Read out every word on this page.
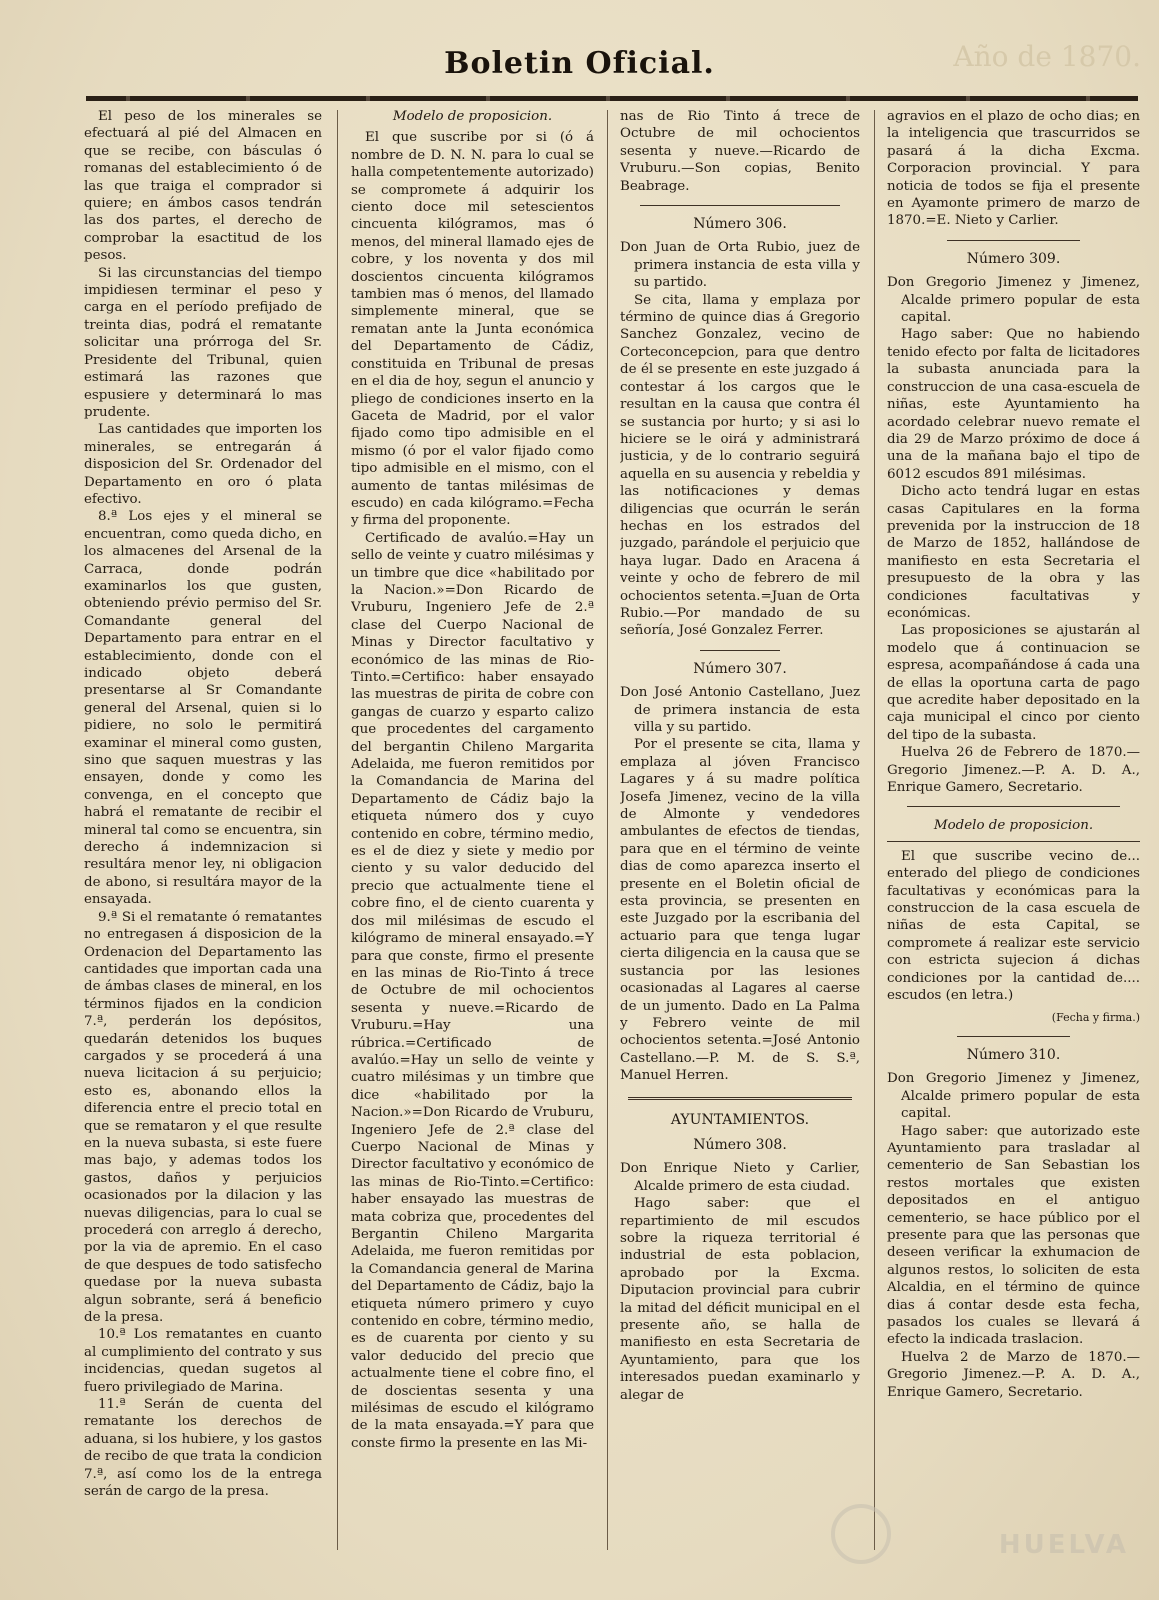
Año de 1870.
Boletin Oficial.

El peso de los minerales se efectuará al pié del Almacen en que se recibe, con básculas ó romanas del establecimiento ó de las que traiga el comprador si quiere; en ámbos casos tendrán las dos partes, el derecho de comprobar la esactitud de los pesos.

Si las circunstancias del tiempo impidiesen terminar el peso y carga en el período prefijado de treinta dias, podrá el rematante solicitar una prórroga del Sr. Presidente del Tribunal, quien estimará las razones que espusiere y determinará lo mas prudente.

Las cantidades que importen los minerales, se entregarán á disposicion del Sr. Ordenador del Departamento en oro ó plata efectivo.

8.ª Los ejes y el mineral se encuentran, como queda dicho, en los almacenes del Arsenal de la Carraca, donde podrán examinarlos los que gusten, obteniendo prévio permiso del Sr. Comandante general del Departamento para entrar en el establecimiento, donde con el indicado objeto deberá presentarse al Sr Comandante general del Arsenal, quien si lo pidiere, no solo le permitirá examinar el mineral como gusten, sino que saquen muestras y las ensayen, donde y como les convenga, en el concepto que habrá el rematante de recibir el mineral tal como se encuentra, sin derecho á indemnizacion si resultára menor ley, ni obligacion de abono, si resultára mayor de la ensayada.

9.ª Si el rematante ó rematantes no entregasen á disposicion de la Ordenacion del Departamento las cantidades que importan cada una de ámbas clases de mineral, en los términos fijados en la condicion 7.ª, perderán los depósitos, quedarán detenidos los buques cargados y se procederá á una nueva licitacion á su perjuicio; esto es, abonando ellos la diferencia entre el precio total en que se remataron y el que resulte en la nueva subasta, si este fuere mas bajo, y ademas todos los gastos, daños y perjuicios ocasionados por la dilacion y las nuevas diligencias, para lo cual se procederá con arreglo á derecho, por la via de apremio. En el caso de que despues de todo satisfecho quedase por la nueva subasta algun sobrante, será á beneficio de la presa.

10.ª Los rematantes en cuanto al cumplimiento del contrato y sus incidencias, quedan sugetos al fuero privilegiado de Marina.

11.ª Serán de cuenta del rematante los derechos de aduana, si los hubiere, y los gastos de recibo de que trata la condicion 7.ª, así como los de la entrega serán de cargo de la presa.

Modelo de proposicion.

El que suscribe por si (ó á nombre de D. N. N. para lo cual se halla competentemente autorizado) se compromete á adquirir los ciento doce mil setescientos cincuenta kilógramos, mas ó menos, del mineral llamado ejes de cobre, y los noventa y dos mil doscientos cincuenta kilógramos tambien mas ó menos, del llamado simplemente mineral, que se rematan ante la Junta económica del Departamento de Cádiz, constituida en Tribunal de presas en el dia de hoy, segun el anuncio y pliego de condiciones inserto en la Gaceta de Madrid, por el valor fijado como tipo admisible en el mismo (ó por el valor fijado como tipo admisible en el mismo, con el aumento de tantas milésimas de escudo) en cada kilógramo.=Fecha y firma del proponente.

Certificado de avalúo.=Hay un sello de veinte y cuatro milésimas y un timbre que dice «habilitado por la Nacion.»=Don Ricardo de Vruburu, Ingeniero Jefe de 2.ª clase del Cuerpo Nacional de Minas y Director facultativo y económico de las minas de Rio-Tinto.=Certifico: haber ensayado las muestras de pirita de cobre con gangas de cuarzo y esparto calizo que procedentes del cargamento del bergantin Chileno Margarita Adelaida, me fueron remitidos por la Comandancia de Marina del Departamento de Cádiz bajo la etiqueta número dos y cuyo contenido en cobre, término medio, es el de diez y siete y medio por ciento y su valor deducido del precio que actualmente tiene el cobre fino, el de ciento cuarenta y dos mil milésimas de escudo el kilógramo de mineral ensayado.=Y para que conste, firmo el presente en las minas de Rio-Tinto á trece de Octubre de mil ochocientos sesenta y nueve.=Ricardo de Vruburu.=Hay una rúbrica.=Certificado de avalúo.=Hay un sello de veinte y cuatro milésimas y un timbre que dice «habilitado por la Nacion.»=Don Ricardo de Vruburu, Ingeniero Jefe de 2.ª clase del Cuerpo Nacional de Minas y Director facultativo y económico de las minas de Rio-Tinto.=Certifico: haber ensayado las muestras de mata cobriza que, procedentes del Bergantin Chileno Margarita Adelaida, me fueron remitidas por la Comandancia general de Marina del Departamento de Cádiz, bajo la etiqueta número primero y cuyo contenido en cobre, término medio, es de cuarenta por ciento y su valor deducido del precio que actualmente tiene el cobre fino, el de doscientas sesenta y una milésimas de escudo el kilógramo de la mata ensayada.=Y para que conste firmo la presente en las Mi-

nas de Rio Tinto á trece de Octubre de mil ochocientos sesenta y nueve.—Ricardo de Vruburu.—Son copias, Benito Beabrage.

Número 306.

Don Juan de Orta Rubio, juez de primera instancia de esta villa y su partido.

Se cita, llama y emplaza por término de quince dias á Gregorio Sanchez Gonzalez, vecino de Corteconcepcion, para que dentro de él se presente en este juzgado á contestar á los cargos que le resultan en la causa que contra él se sustancia por hurto; y si asi lo hiciere se le oirá y administrará justicia, y de lo contrario seguirá aquella en su ausencia y rebeldia y las notificaciones y demas diligencias que ocurrán le serán hechas en los estrados del juzgado, parándole el perjuicio que haya lugar. Dado en Aracena á veinte y ocho de febrero de mil ochocientos setenta.=Juan de Orta Rubio.—Por mandado de su señoría, José Gonzalez Ferrer.

Número 307.

Don José Antonio Castellano, Juez de primera instancia de esta villa y su partido.

Por el presente se cita, llama y emplaza al jóven Francisco Lagares y á su madre política Josefa Jimenez, vecino de la villa de Almonte y vendedores ambulantes de efectos de tiendas, para que en el término de veinte dias de como aparezca inserto el presente en el Boletin oficial de esta provincia, se presenten en este Juzgado por la escribania del actuario para que tenga lugar cierta diligencia en la causa que se sustancia por las lesiones ocasionadas al Lagares al caerse de un jumento. Dado en La Palma y Febrero veinte de mil ochocientos setenta.=José Antonio Castellano.—P. M. de S. S.ª, Manuel Herren.

AYUNTAMIENTOS.

Número 308.

Don Enrique Nieto y Carlier, Alcalde primero de esta ciudad.

Hago saber: que el repartimiento de mil escudos sobre la riqueza territorial é industrial de esta poblacion, aprobado por la Excma. Diputacion provincial para cubrir la mitad del déficit municipal en el presente año, se halla de manifiesto en esta Secretaria de Ayuntamiento, para que los interesados puedan examinarlo y alegar de

agravios en el plazo de ocho dias; en la inteligencia que trascurridos se pasará á la dicha Excma. Corporacion provincial. Y para noticia de todos se fija el presente en Ayamonte primero de marzo de 1870.=E. Nieto y Carlier.

Número 309.

Don Gregorio Jimenez y Jimenez, Alcalde primero popular de esta capital.

Hago saber: Que no habiendo tenido efecto por falta de licitadores la subasta anunciada para la construccion de una casa-escuela de niñas, este Ayuntamiento ha acordado celebrar nuevo remate el dia 29 de Marzo próximo de doce á una de la mañana bajo el tipo de 6012 escudos 891 milésimas.

Dicho acto tendrá lugar en estas casas Capitulares en la forma prevenida por la instruccion de 18 de Marzo de 1852, hallándose de manifiesto en esta Secretaria el presupuesto de la obra y las condiciones facultativas y económicas.

Las proposiciones se ajustarán al modelo que á continuacion se espresa, acompañándose á cada una de ellas la oportuna carta de pago que acredite haber depositado en la caja municipal el cinco por ciento del tipo de la subasta.

Huelva 26 de Febrero de 1870.—Gregorio Jimenez.—P. A. D. A., Enrique Gamero, Secretario.

Modelo de proposicion.

El que suscribe vecino de... enterado del pliego de condiciones facultativas y económicas para la construccion de la casa escuela de niñas de esta Capital, se compromete á realizar este servicio con estricta sujecion á dichas condiciones por la cantidad de.... escudos (en letra.)

(Fecha y firma.)

Número 310.

Don Gregorio Jimenez y Jimenez, Alcalde primero popular de esta capital.

Hago saber: que autorizado este Ayuntamiento para trasladar al cementerio de San Sebastian los restos mortales que existen depositados en el antiguo cementerio, se hace público por el presente para que las personas que deseen verificar la exhumacion de algunos restos, lo soliciten de esta Alcaldia, en el término de quince dias á contar desde esta fecha, pasados los cuales se llevará á efecto la indicada traslacion.

Huelva 2 de Marzo de 1870.—Gregorio Jimenez.—P. A. D. A., Enrique Gamero, Secretario.

HUELVA
